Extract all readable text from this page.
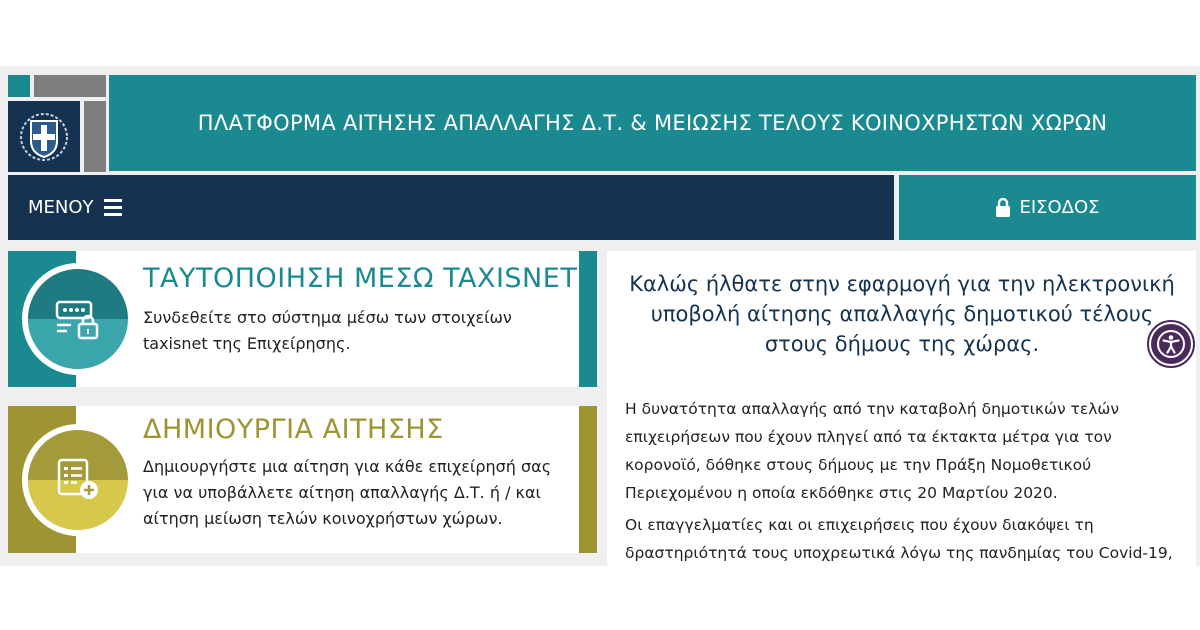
ΠΛΑΤΦΟΡΜΑ ΑΙΤΗΣΗΣ ΑΠΑΛΛΑΓΗΣ Δ.Τ. & ΜΕΙΩΣΗΣ ΤΕΛΟΥΣ ΚΟΙΝΟΧΡΗΣΤΩΝ ΧΩΡΩΝ
ΜΕΝΟΥ	ΕΙΣΟΔΟΣ
ΤΑΥΤΟΠΟΙΗΣΗ ΜΕΣΩ TAXISNET
Συνδεθείτε στο σύστημα μέσω των στοιχείων taxisnet της Επιχείρησης.
ΔΗΜΙΟΥΡΓΙΑ ΑΙΤΗΣΗΣ
Δημιουργήστε μια αίτηση για κάθε επιχείρησή σας για να υποβάλλετε αίτηση απαλλαγής Δ.Τ. ή / και αίτηση μείωση τελών κοινοχρήστων χώρων.
Καλώς ήλθατε στην εφαρμογή για την ηλεκτρονική υποβολή αίτησης απαλλαγής δημοτικού τέλους στους δήμους της χώρας.
Η δυνατότητα απαλλαγής από την καταβολή δημοτικών τελών επιχειρήσεων που έχουν πληγεί από τα έκτακτα μέτρα για τον κορονοϊό, δόθηκε στους δήμους με την Πράξη Νομοθετικού Περιεχομένου η οποία εκδόθηκε στις 20 Μαρτίου 2020.
Οι επαγγελματίες και οι επιχειρήσεις που έχουν διακόψει τη δραστηριότητά τους υποχρεωτικά λόγω της πανδημίας του Covid-19,
